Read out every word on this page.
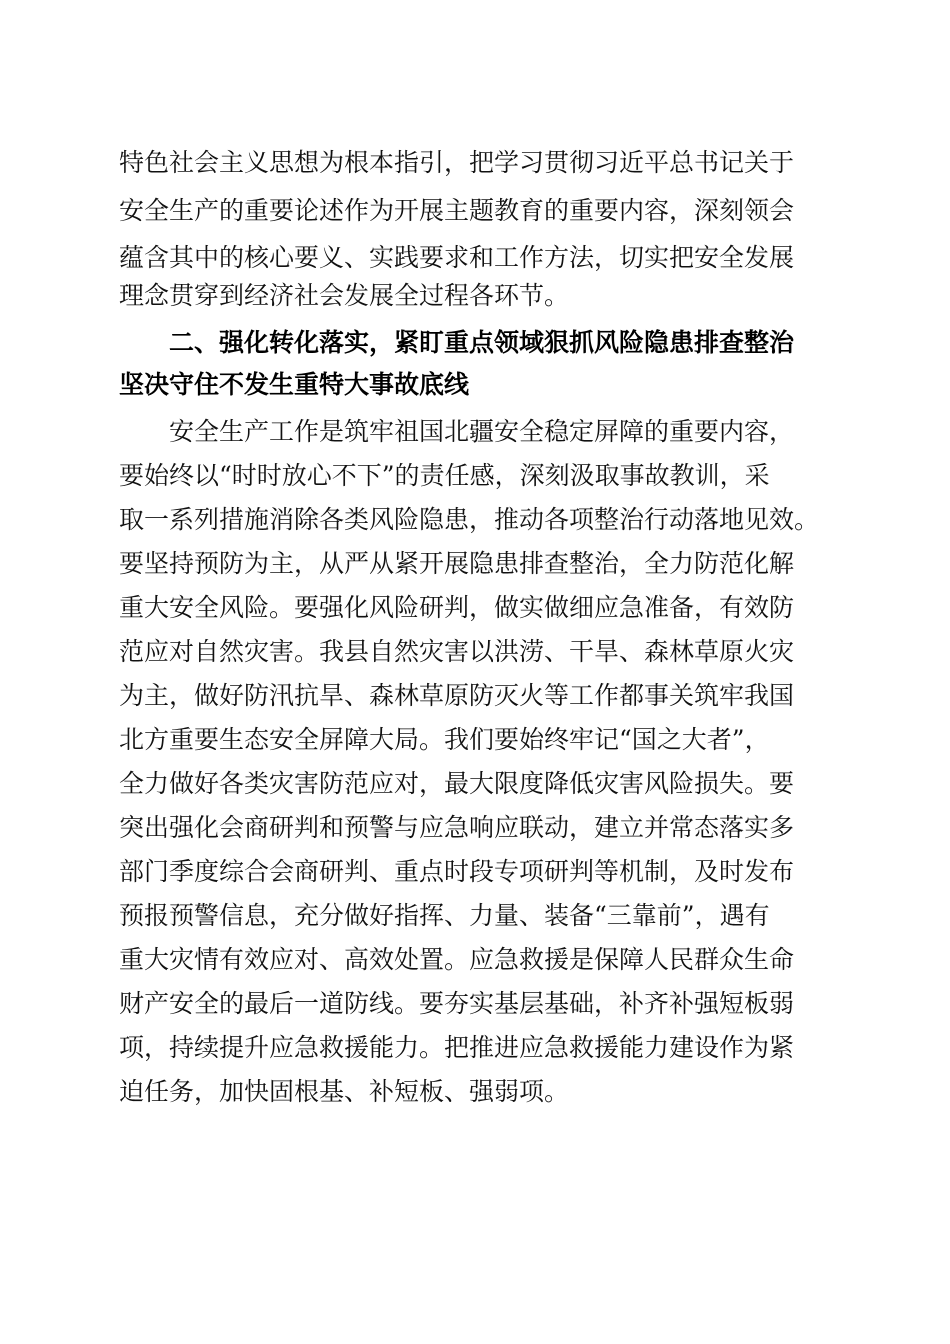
特色社会主义思想为根本指引，把学习贯彻习近平总书记关于
安全生产的重要论述作为开展主题教育的重要内容，深刻领会
蕴含其中的核心要义、实践要求和工作方法，切实把安全发展
理念贯穿到经济社会发展全过程各环节。
二、强化转化落实，紧盯重点领域狠抓风险隐患排查整治
坚决守住不发生重特大事故底线
安全生产工作是筑牢祖国北疆安全稳定屏障的重要内容，
要始终以“时时放心不下”的责任感，深刻汲取事故教训，采
取一系列措施消除各类风险隐患，推动各项整治行动落地见效。
要坚持预防为主，从严从紧开展隐患排查整治，全力防范化解
重大安全风险。要强化风险研判，做实做细应急准备，有效防
范应对自然灾害。我县自然灾害以洪涝、干旱、森林草原火灾
为主，做好防汛抗旱、森林草原防灭火等工作都事关筑牢我国
北方重要生态安全屏障大局。我们要始终牢记“国之大者”，
全力做好各类灾害防范应对，最大限度降低灾害风险损失。要
突出强化会商研判和预警与应急响应联动，建立并常态落实多
部门季度综合会商研判、重点时段专项研判等机制，及时发布
预报预警信息，充分做好指挥、力量、装备“三靠前”，遇有
重大灾情有效应对、高效处置。应急救援是保障人民群众生命
财产安全的最后一道防线。要夯实基层基础，补齐补强短板弱
项，持续提升应急救援能力。把推进应急救援能力建设作为紧
迫任务，加快固根基、补短板、强弱项。
